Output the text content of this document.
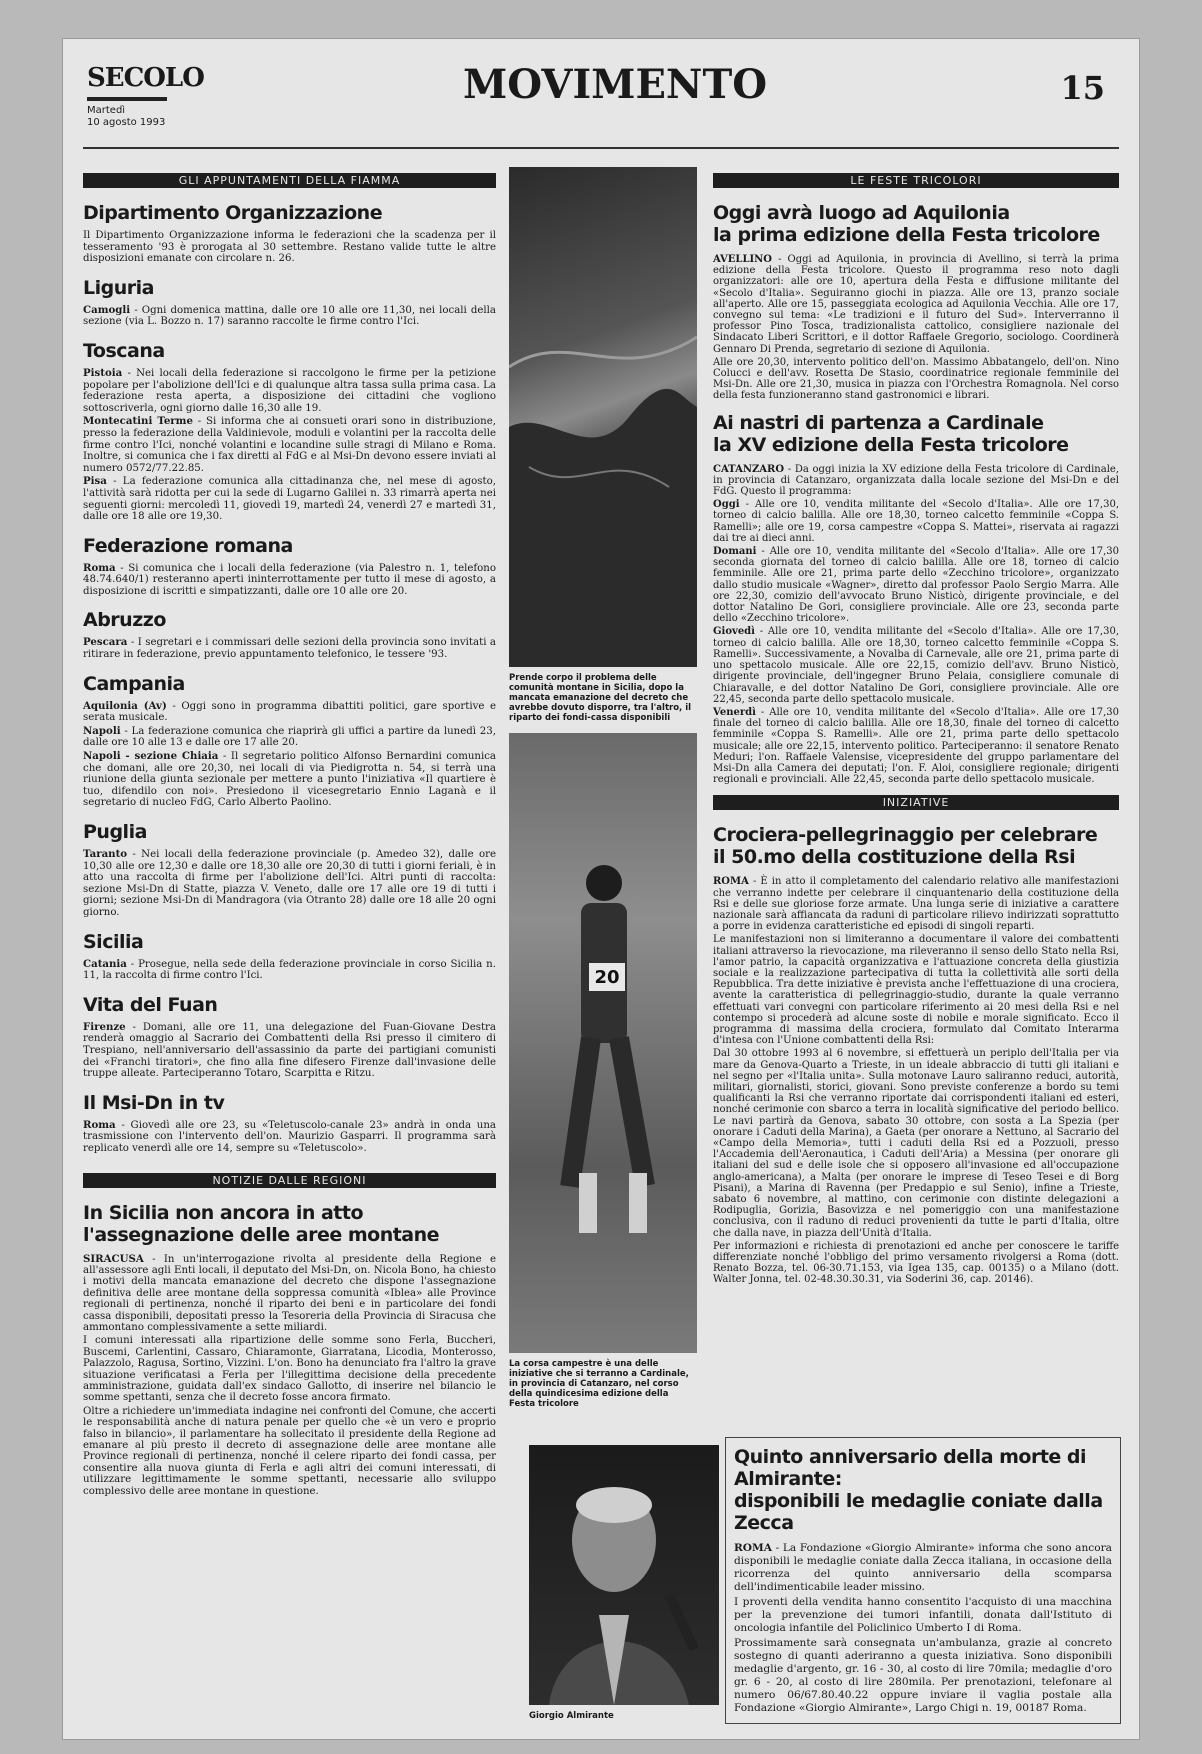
SECOLO
Martedì
10 agosto 1993
MOVIMENTO	15
GLI APPUNTAMENTI DELLA FIAMMA
Dipartimento Organizzazione

Il Dipartimento Organizzazione informa le federazioni che la scadenza per il tesseramento '93 è prorogata al 30 settembre. Restano valide tutte le altre disposizioni emanate con circolare n. 26.

Liguria

Camogli - Ogni domenica mattina, dalle ore 10 alle ore 11,30, nei locali della sezione (via L. Bozzo n. 17) saranno raccolte le firme contro l'Ici.

Toscana

Pistoia - Nei locali della federazione si raccolgono le firme per la petizione popolare per l'abolizione dell'Ici e di qualunque altra tassa sulla prima casa. La federazione resta aperta, a disposizione dei cittadini che vogliono sottoscriverla, ogni giorno dalle 16,30 alle 19.

Montecatini Terme - Si informa che ai consueti orari sono in distribuzione, presso la federazione della Valdinievole, moduli e volantini per la raccolta delle firme contro l'Ici, nonché volantini e locandine sulle stragi di Milano e Roma. Inoltre, si comunica che i fax diretti al FdG e al Msi-Dn devono essere inviati al numero 0572/77.22.85.

Pisa - La federazione comunica alla cittadinanza che, nel mese di agosto, l'attività sarà ridotta per cui la sede di Lugarno Galilei n. 33 rimarrà aperta nei seguenti giorni: mercoledì 11, giovedì 19, martedì 24, venerdì 27 e martedì 31, dalle ore 18 alle ore 19,30.

Federazione romana

Roma - Si comunica che i locali della federazione (via Palestro n. 1, telefono 48.74.640/1) resteranno aperti ininterrottamente per tutto il mese di agosto, a disposizione di iscritti e simpatizzanti, dalle ore 10 alle ore 20.

Abruzzo

Pescara - I segretari e i commissari delle sezioni della provincia sono invitati a ritirare in federazione, previo appuntamento telefonico, le tessere '93.

Campania

Aquilonia (Av) - Oggi sono in programma dibattiti politici, gare sportive e serata musicale.

Napoli - La federazione comunica che riaprirà gli uffici a partire da lunedì 23, dalle ore 10 alle 13 e dalle ore 17 alle 20.

Napoli - sezione Chiaia - Il segretario politico Alfonso Bernardini comunica che domani, alle ore 20,30, nei locali di via Piedigrotta n. 54, si terrà una riunione della giunta sezionale per mettere a punto l'iniziativa «Il quartiere è tuo, difendilo con noi». Presiedono il vicesegretario Ennio Laganà e il segretario di nucleo FdG, Carlo Alberto Paolino.

Puglia

Taranto - Nei locali della federazione provinciale (p. Amedeo 32), dalle ore 10,30 alle ore 12,30 e dalle ore 18,30 alle ore 20,30 di tutti i giorni feriali, è in atto una raccolta di firme per l'abolizione dell'Ici. Altri punti di raccolta: sezione Msi-Dn di Statte, piazza V. Veneto, dalle ore 17 alle ore 19 di tutti i giorni; sezione Msi-Dn di Mandragora (via Otranto 28) dalle ore 18 alle 20 ogni giorno.

Sicilia

Catania - Prosegue, nella sede della federazione provinciale in corso Sicilia n. 11, la raccolta di firme contro l'Ici.

Vita del Fuan

Firenze - Domani, alle ore 11, una delegazione del Fuan-Giovane Destra renderà omaggio al Sacrario dei Combattenti della Rsi presso il cimitero di Trespiano, nell'anniversario dell'assassinio da parte dei partigiani comunisti dei «Franchi tiratori», che fino alla fine difesero Firenze dall'invasione delle truppe alleate. Parteciperanno Totaro, Scarpitta e Ritzu.

Il Msi-Dn in tv

Roma - Giovedì alle ore 23, su «Teletuscolo-canale 23» andrà in onda una trasmissione con l'intervento dell'on. Maurizio Gasparri. Il programma sarà replicato venerdì alle ore 14, sempre su «Teletuscolo».

NOTIZIE DALLE REGIONI
In Sicilia non ancora in atto
l'assegnazione delle aree montane

SIRACUSA - In un'interrogazione rivolta al presidente della Regione e all'assessore agli Enti locali, il deputato del Msi-Dn, on. Nicola Bono, ha chiesto i motivi della mancata emanazione del decreto che dispone l'assegnazione definitiva delle aree montane della soppressa comunità «Iblea» alle Province regionali di pertinenza, nonché il riparto dei beni e in particolare dei fondi cassa disponibili, depositati presso la Tesoreria della Provincia di Siracusa che ammontano complessivamente a sette miliardi.

I comuni interessati alla ripartizione delle somme sono Ferla, Buccheri, Buscemi, Carlentini, Cassaro, Chiaramonte, Giarratana, Licodia, Monterosso, Palazzolo, Ragusa, Sortino, Vizzini. L'on. Bono ha denunciato fra l'altro la grave situazione verificatasi a Ferla per l'illegittima decisione della precedente amministrazione, guidata dall'ex sindaco Gallotto, di inserire nel bilancio le somme spettanti, senza che il decreto fosse ancora firmato.

Oltre a richiedere un'immediata indagine nei confronti del Comune, che accerti le responsabilità anche di natura penale per quello che «è un vero e proprio falso in bilancio», il parlamentare ha sollecitato il presidente della Regione ad emanare al più presto il decreto di assegnazione delle aree montane alle Province regionali di pertinenza, nonché il celere riparto dei fondi cassa, per consentire alla nuova giunta di Ferla e agli altri dei comuni interessati, di utilizzare legittimamente le somme spettanti, necessarie allo sviluppo complessivo delle aree montane in questione.

Prende corpo il problema delle comunità montane in Sicilia, dopo la mancata emanazione del decreto che avrebbe dovuto disporre, tra l'altro, il riparto dei fondi-cassa disponibili
20
La corsa campestre è una delle iniziative che si terranno a Cardinale, in provincia di Catanzaro, nel corso della quindicesima edizione della Festa tricolore
LE FESTE TRICOLORI
Oggi avrà luogo ad Aquilonia
la prima edizione della Festa tricolore

AVELLINO - Oggi ad Aquilonia, in provincia di Avellino, si terrà la prima edizione della Festa tricolore. Questo il programma reso noto dagli organizzatori: alle ore 10, apertura della Festa e diffusione militante del «Secolo d'Italia». Seguiranno giochi in piazza. Alle ore 13, pranzo sociale all'aperto. Alle ore 15, passeggiata ecologica ad Aquilonia Vecchia. Alle ore 17, convegno sul tema: «Le tradizioni e il futuro del Sud». Interverranno il professor Pino Tosca, tradizionalista cattolico, consigliere nazionale del Sindacato Liberi Scrittori, e il dottor Raffaele Gregorio, sociologo. Coordinerà Gennaro Di Prenda, segretario di sezione di Aquilonia.

Alle ore 20,30, intervento politico dell'on. Massimo Abbatangelo, dell'on. Nino Colucci e dell'avv. Rosetta De Stasio, coordinatrice regionale femminile del Msi-Dn. Alle ore 21,30, musica in piazza con l'Orchestra Romagnola. Nel corso della festa funzioneranno stand gastronomici e librari.

Ai nastri di partenza a Cardinale
la XV edizione della Festa tricolore

CATANZARO - Da oggi inizia la XV edizione della Festa tricolore di Cardinale, in provincia di Catanzaro, organizzata dalla locale sezione del Msi-Dn e del FdG. Questo il programma:

Oggi - Alle ore 10, vendita militante del «Secolo d'Italia». Alle ore 17,30, torneo di calcio balilla. Alle ore 18,30, torneo calcetto femminile «Coppa S. Ramelli»; alle ore 19, corsa campestre «Coppa S. Mattei», riservata ai ragazzi dai tre ai dieci anni.

Domani - Alle ore 10, vendita militante del «Secolo d'Italia». Alle ore 17,30 seconda giornata del torneo di calcio balilla. Alle ore 18, torneo di calcio femminile. Alle ore 21, prima parte dello «Zecchino tricolore», organizzato dallo studio musicale «Wagner», diretto dal professor Paolo Sergio Marra. Alle ore 22,30, comizio dell'avvocato Bruno Nisticò, dirigente provinciale, e del dottor Natalino De Gori, consigliere provinciale. Alle ore 23, seconda parte dello «Zecchino tricolore».

Giovedì - Alle ore 10, vendita militante del «Secolo d'Italia». Alle ore 17,30, torneo di calcio balilla. Alle ore 18,30, torneo calcetto femminile «Coppa S. Ramelli». Successivamente, a Novalba di Carnevale, alle ore 21, prima parte di uno spettacolo musicale. Alle ore 22,15, comizio dell'avv. Bruno Nisticò, dirigente provinciale, dell'ingegner Bruno Pelaia, consigliere comunale di Chiaravalle, e del dottor Natalino De Gori, consigliere provinciale. Alle ore 22,45, seconda parte dello spettacolo musicale.

Venerdì - Alle ore 10, vendita militante del «Secolo d'Italia». Alle ore 17,30 finale del torneo di calcio balilla. Alle ore 18,30, finale del torneo di calcetto femminile «Coppa S. Ramelli». Alle ore 21, prima parte dello spettacolo musicale; alle ore 22,15, intervento politico. Parteciperanno: il senatore Renato Meduri; l'on. Raffaele Valensise, vicepresidente del gruppo parlamentare del Msi-Dn alla Camera dei deputati; l'on. F. Aloi, consigliere regionale; dirigenti regionali e provinciali. Alle 22,45, seconda parte dello spettacolo musicale.

INIZIATIVE
Crociera-pellegrinaggio per celebrare
il 50.mo della costituzione della Rsi

ROMA - È in atto il completamento del calendario relativo alle manifestazioni che verranno indette per celebrare il cinquantenario della costituzione della Rsi e delle sue gloriose forze armate. Una lunga serie di iniziative a carattere nazionale sarà affiancata da raduni di particolare rilievo indirizzati soprattutto a porre in evidenza caratteristiche ed episodi di singoli reparti.

Le manifestazioni non si limiteranno a documentare il valore dei combattenti italiani attraverso la rievocazione, ma rileveranno il senso dello Stato nella Rsi, l'amor patrio, la capacità organizzativa e l'attuazione concreta della giustizia sociale e la realizzazione partecipativa di tutta la collettività alle sorti della Repubblica. Tra dette iniziative è prevista anche l'effettuazione di una crociera, avente la caratteristica di pellegrinaggio-studio, durante la quale verranno effettuati vari convegni con particolare riferimento ai 20 mesi della Rsi e nel contempo si procederà ad alcune soste di nobile e morale significato. Ecco il programma di massima della crociera, formulato dal Comitato Interarma d'intesa con l'Unione combattenti della Rsi:

Dal 30 ottobre 1993 al 6 novembre, si effettuerà un periplo dell'Italia per via mare da Genova-Quarto a Trieste, in un ideale abbraccio di tutti gli italiani e nel segno per «l'Italia unita». Sulla motonave Lauro saliranno reduci, autorità, militari, giornalisti, storici, giovani. Sono previste conferenze a bordo su temi qualificanti la Rsi che verranno riportate dai corrispondenti italiani ed esteri, nonché cerimonie con sbarco a terra in località significative del periodo bellico. Le navi partirà da Genova, sabato 30 ottobre, con sosta a La Spezia (per onorare i Caduti della Marina), a Gaeta (per onorare a Nettuno, al Sacrario del «Campo della Memoria», tutti i caduti della Rsi ed a Pozzuoli, presso l'Accademia dell'Aeronautica, i Caduti dell'Aria) a Messina (per onorare gli italiani del sud e delle isole che si opposero all'invasione ed all'occupazione anglo-americana), a Malta (per onorare le imprese di Teseo Tesei e di Borg Pisani), a Marina di Ravenna (per Predappio e sul Senio), infine a Trieste, sabato 6 novembre, al mattino, con cerimonie con distinte delegazioni a Rodipuglia, Gorizia, Basovizza e nel pomeriggio con una manifestazione conclusiva, con il raduno di reduci provenienti da tutte le parti d'Italia, oltre che dalla nave, in piazza dell'Unità d'Italia.

Per informazioni e richiesta di prenotazioni ed anche per conoscere le tariffe differenziate nonché l'obbligo del primo versamento rivolgersi a Roma (dott. Renato Bozza, tel. 06-30.71.153, via Igea 135, cap. 00135) o a Milano (dott. Walter Jonna, tel. 02-48.30.30.31, via Soderini 36, cap. 20146).

Giorgio Almirante
Quinto anniversario della morte di Almirante:
disponibili le medaglie coniate dalla Zecca

ROMA - La Fondazione «Giorgio Almirante» informa che sono ancora disponibili le medaglie coniate dalla Zecca italiana, in occasione della ricorrenza del quinto anniversario della scomparsa dell'indimenticabile leader missino.

I proventi della vendita hanno consentito l'acquisto di una macchina per la prevenzione dei tumori infantili, donata dall'Istituto di oncologia infantile del Policlinico Umberto I di Roma.

Prossimamente sarà consegnata un'ambulanza, grazie al concreto sostegno di quanti aderiranno a questa iniziativa. Sono disponibili medaglie d'argento, gr. 16 - 30, al costo di lire 70mila; medaglie d'oro gr. 6 - 20, al costo di lire 280mila. Per prenotazioni, telefonare al numero 06/67.80.40.22 oppure inviare il vaglia postale alla Fondazione «Giorgio Almirante», Largo Chigi n. 19, 00187 Roma.
